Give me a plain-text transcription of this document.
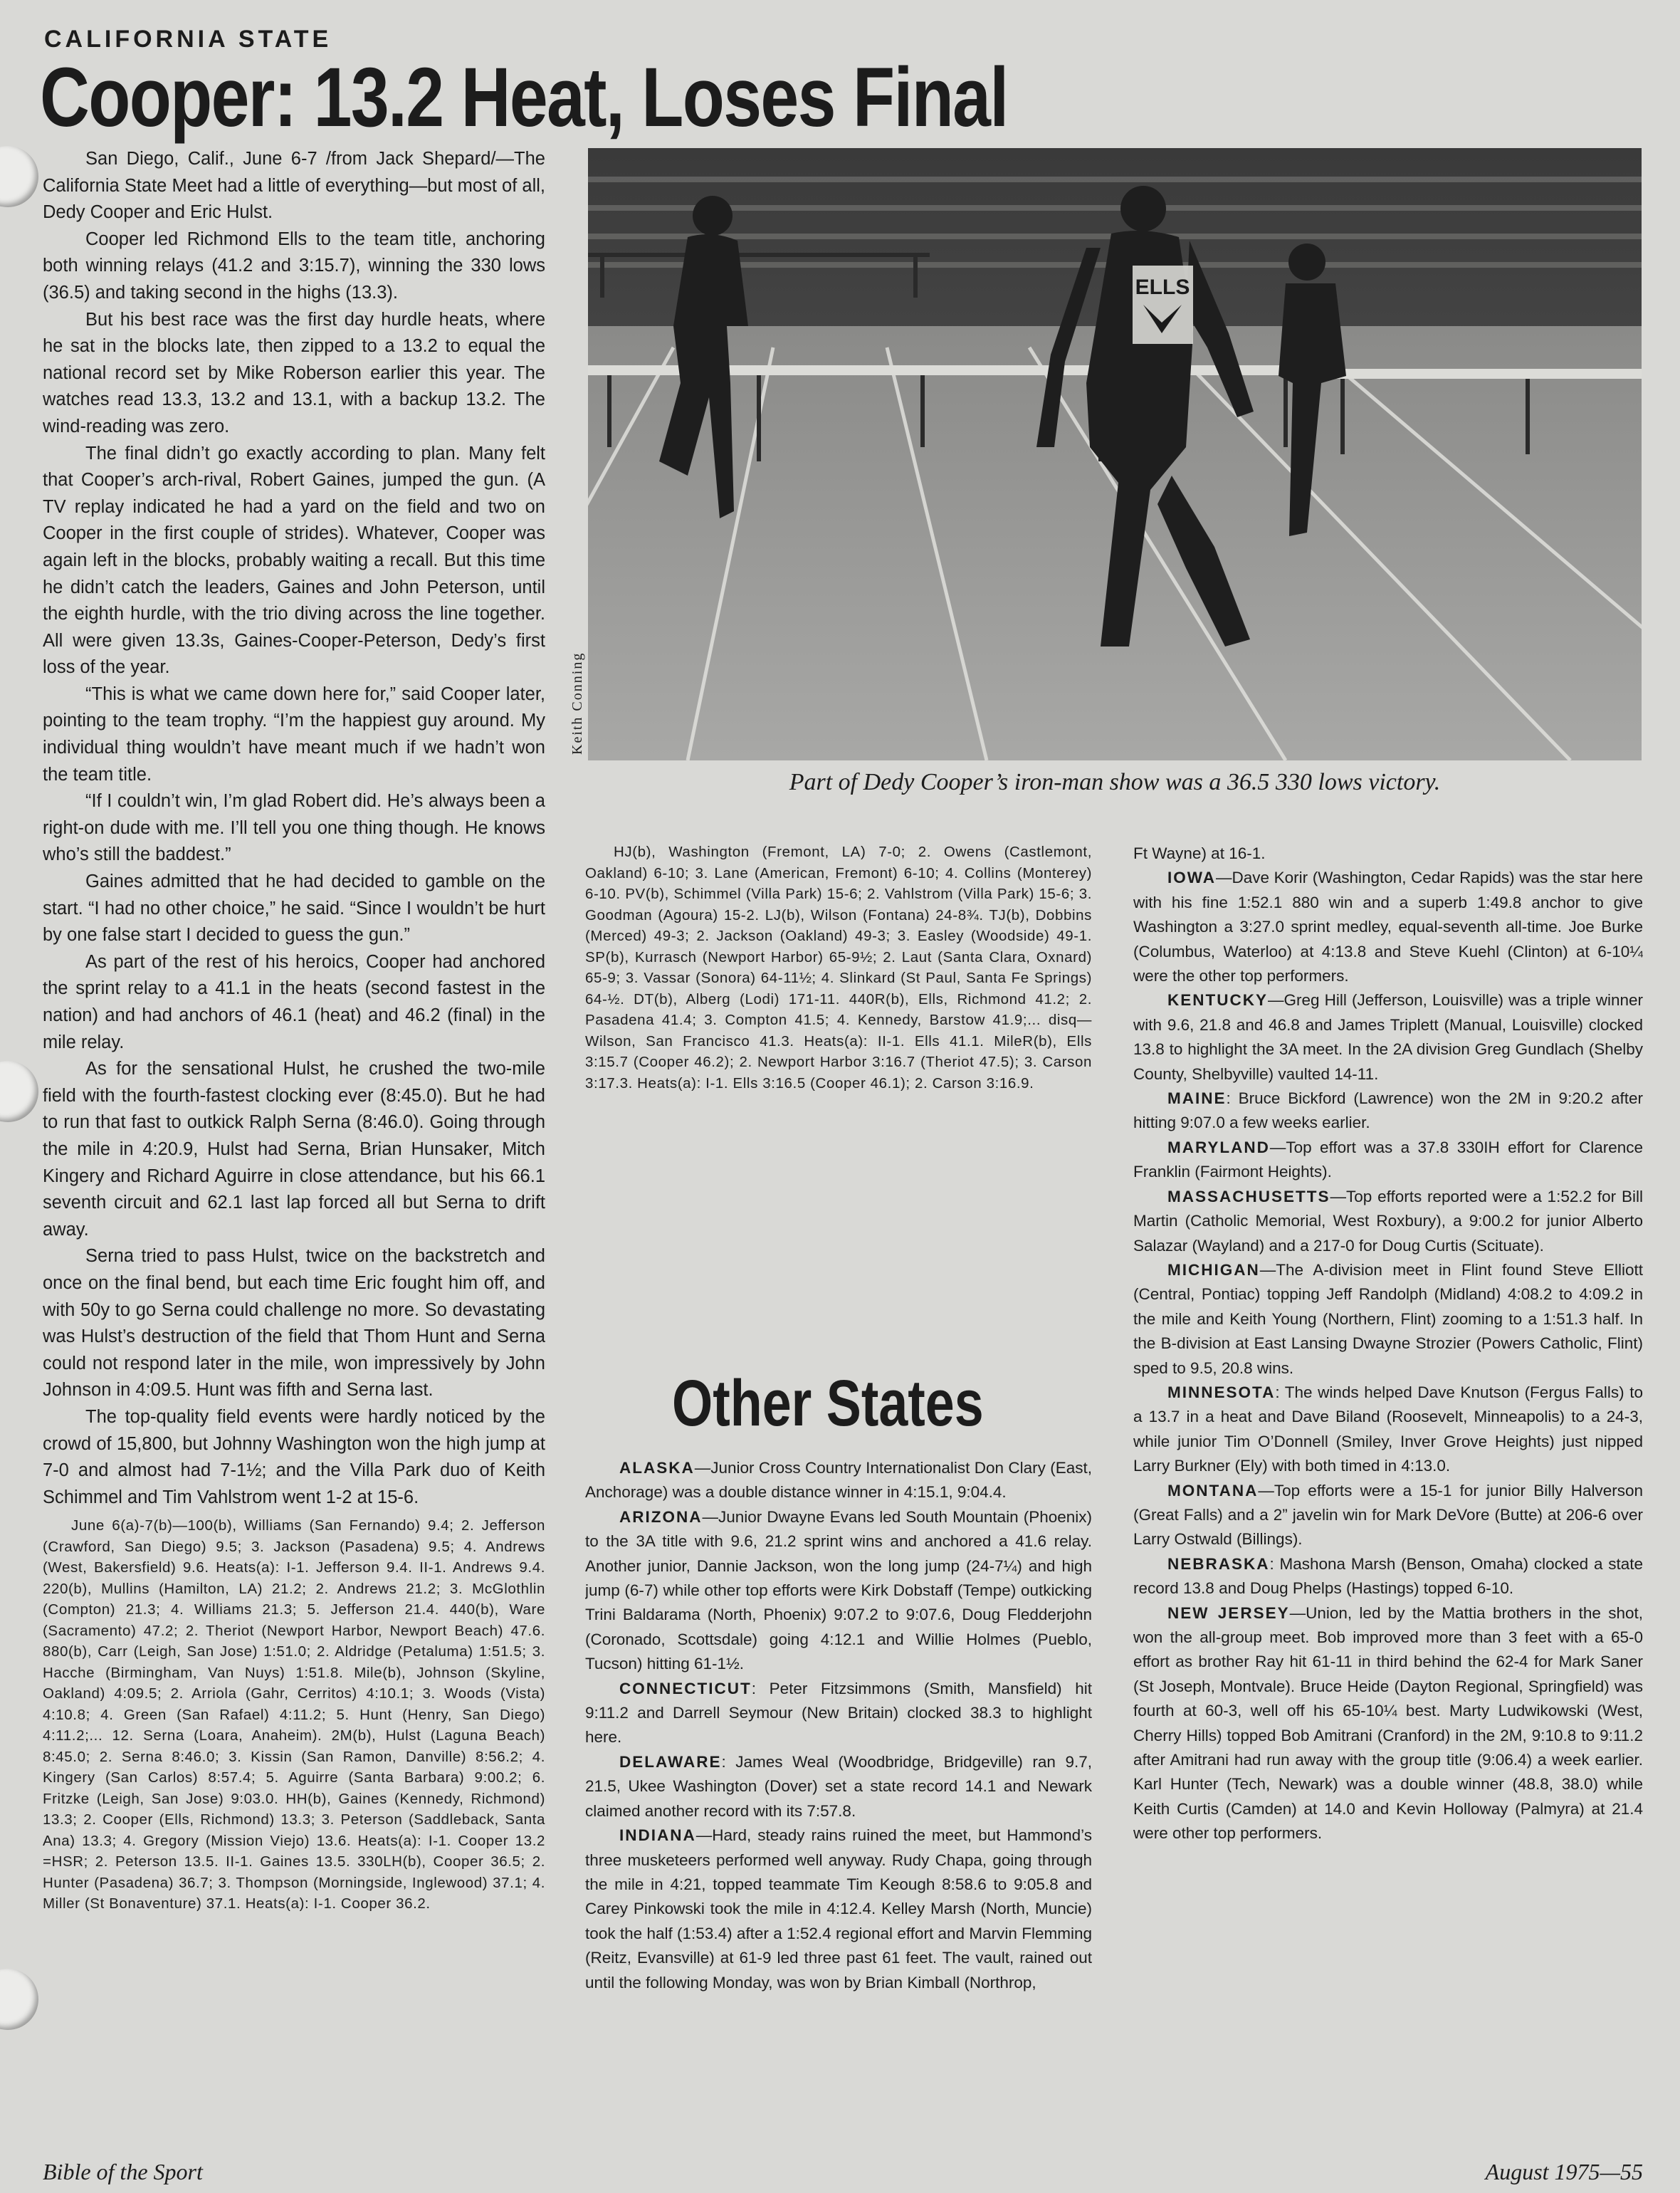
CALIFORNIA STATE
Cooper: 13.2 Heat, Loses Final

San Diego, Calif., June 6-7 /from Jack Shepard/—The California State Meet had a little of everything—but most of all, Dedy Cooper and Eric Hulst.

Cooper led Richmond Ells to the team title, anchoring both winning relays (41.2 and 3:15.7), winning the 330 lows (36.5) and taking second in the highs (13.3).

But his best race was the first day hurdle heats, where he sat in the blocks late, then zipped to a 13.2 to equal the national record set by Mike Roberson earlier this year. The watches read 13.3, 13.2 and 13.1, with a backup 13.2. The wind-reading was zero.

The final didn’t go exactly according to plan. Many felt that Cooper’s arch-rival, Robert Gaines, jumped the gun. (A TV replay indicated he had a yard on the field and two on Cooper in the first couple of strides). Whatever, Cooper was again left in the blocks, probably waiting a recall. But this time he didn’t catch the leaders, Gaines and John Peterson, until the eighth hurdle, with the trio diving across the line together. All were given 13.3s, Gaines-Cooper-Peterson, Dedy’s first loss of the year.

“This is what we came down here for,” said Cooper later, pointing to the team trophy. “I’m the happiest guy around. My individual thing wouldn’t have meant much if we hadn’t won the team title.

“If I couldn’t win, I’m glad Robert did. He’s always been a right-on dude with me. I’ll tell you one thing though. He knows who’s still the baddest.”

Gaines admitted that he had decided to gamble on the start. “I had no other choice,” he said. “Since I wouldn’t be hurt by one false start I decided to guess the gun.”

As part of the rest of his heroics, Cooper had anchored the sprint relay to a 41.1 in the heats (second fastest in the nation) and had anchors of 46.1 (heat) and 46.2 (final) in the mile relay.

As for the sensational Hulst, he crushed the two-mile field with the fourth-fastest clocking ever (8:45.0). But he had to run that fast to outkick Ralph Serna (8:46.0). Going through the mile in 4:20.9, Hulst had Serna, Brian Hunsaker, Mitch Kingery and Richard Aguirre in close attendance, but his 66.1 seventh circuit and 62.1 last lap forced all but Serna to drift away.

Serna tried to pass Hulst, twice on the backstretch and once on the final bend, but each time Eric fought him off, and with 50y to go Serna could challenge no more. So devastating was Hulst’s destruction of the field that Thom Hunt and Serna could not respond later in the mile, won impressively by John Johnson in 4:09.5. Hunt was fifth and Serna last.

The top-quality field events were hardly noticed by the crowd of 15,800, but Johnny Washington won the high jump at 7-0 and almost had 7-1½; and the Villa Park duo of Keith Schimmel and Tim Vahlstrom went 1-2 at 15-6.

June 6(a)-7(b)—100(b), Williams (San Fernando) 9.4; 2. Jefferson (Crawford, San Diego) 9.5; 3. Jackson (Pasadena) 9.5; 4. Andrews (West, Bakersfield) 9.6. Heats(a): I-1. Jefferson 9.4. II-1. Andrews 9.4. 220(b), Mullins (Hamilton, LA) 21.2; 2. Andrews 21.2; 3. McGlothlin (Compton) 21.3; 4. Williams 21.3; 5. Jefferson 21.4. 440(b), Ware (Sacramento) 47.2; 2. Theriot (Newport Harbor, Newport Beach) 47.6. 880(b), Carr (Leigh, San Jose) 1:51.0; 2. Aldridge (Petaluma) 1:51.5; 3. Hacche (Birmingham, Van Nuys) 1:51.8. Mile(b), Johnson (Skyline, Oakland) 4:09.5; 2. Arriola (Gahr, Cerritos) 4:10.1; 3. Woods (Vista) 4:10.8; 4. Green (San Rafael) 4:11.2; 5. Hunt (Henry, San Diego) 4:11.2;... 12. Serna (Loara, Anaheim). 2M(b), Hulst (Laguna Beach) 8:45.0; 2. Serna 8:46.0; 3. Kissin (San Ramon, Danville) 8:56.2; 4. Kingery (San Carlos) 8:57.4; 5. Aguirre (Santa Barbara) 9:00.2; 6. Fritzke (Leigh, San Jose) 9:03.0. HH(b), Gaines (Kennedy, Richmond) 13.3; 2. Cooper (Ells, Richmond) 13.3; 3. Peterson (Saddleback, Santa Ana) 13.3; 4. Gregory (Mission Viejo) 13.6. Heats(a): I-1. Cooper 13.2 =HSR; 2. Peterson 13.5. II-1. Gaines 13.5. 330LH(b), Cooper 36.5; 2. Hunter (Pasadena) 36.7; 3. Thompson (Morningside, Inglewood) 37.1; 4. Miller (St Bonaventure) 37.1. Heats(a): I-1. Cooper 36.2.

ELLS
Keith Conning
Part of Dedy Cooper’s iron-man show was a 36.5 330 lows victory.

HJ(b), Washington (Fremont, LA) 7-0; 2. Owens (Castlemont, Oakland) 6-10; 3. Lane (American, Fremont) 6-10; 4. Collins (Monterey) 6-10. PV(b), Schimmel (Villa Park) 15-6; 2. Vahlstrom (Villa Park) 15-6; 3. Goodman (Agoura) 15-2. LJ(b), Wilson (Fontana) 24-8¾. TJ(b), Dobbins (Merced) 49-3; 2. Jackson (Oakland) 49-3; 3. Easley (Woodside) 49-1. SP(b), Kurrasch (Newport Harbor) 65-9½; 2. Laut (Santa Clara, Oxnard) 65-9; 3. Vassar (Sonora) 64-11½; 4. Slinkard (St Paul, Santa Fe Springs) 64-½. DT(b), Alberg (Lodi) 171-11. 440R(b), Ells, Richmond 41.2; 2. Pasadena 41.4; 3. Compton 41.5; 4. Kennedy, Barstow 41.9;... disq—Wilson, San Francisco 41.3. Heats(a): II-1. Ells 41.1. MileR(b), Ells 3:15.7 (Cooper 46.2); 2. Newport Harbor 3:16.7 (Theriot 47.5); 3. Carson 3:17.3. Heats(a): I-1. Ells 3:16.5 (Cooper 46.1); 2. Carson 3:16.9.

Other States

ALASKA—Junior Cross Country Internationalist Don Clary (East, Anchorage) was a double distance winner in 4:15.1, 9:04.4.

ARIZONA—Junior Dwayne Evans led South Mountain (Phoenix) to the 3A title with 9.6, 21.2 sprint wins and anchored a 41.6 relay. Another junior, Dannie Jackson, won the long jump (24-7¼) and high jump (6-7) while other top efforts were Kirk Dobstaff (Tempe) outkicking Trini Baldarama (North, Phoenix) 9:07.2 to 9:07.6, Doug Fledderjohn (Coronado, Scottsdale) going 4:12.1 and Willie Holmes (Pueblo, Tucson) hitting 61-1½.

CONNECTICUT: Peter Fitzsimmons (Smith, Mansfield) hit 9:11.2 and Darrell Seymour (New Britain) clocked 38.3 to highlight here.

DELAWARE: James Weal (Woodbridge, Bridgeville) ran 9.7, 21.5, Ukee Washington (Dover) set a state record 14.1 and Newark claimed another record with its 7:57.8.

INDIANA—Hard, steady rains ruined the meet, but Hammond’s three musketeers performed well anyway. Rudy Chapa, going through the mile in 4:21, topped teammate Tim Keough 8:58.6 to 9:05.8 and Carey Pinkowski took the mile in 4:12.4. Kelley Marsh (North, Muncie) took the half (1:53.4) after a 1:52.4 regional effort and Marvin Flemming (Reitz, Evansville) at 61-9 led three past 61 feet. The vault, rained out until the following Monday, was won by Brian Kimball (Northrop,

Ft Wayne) at 16-1.

IOWA—Dave Korir (Washington, Cedar Rapids) was the star here with his fine 1:52.1 880 win and a superb 1:49.8 anchor to give Washington a 3:27.0 sprint medley, equal-seventh all-time. Joe Burke (Columbus, Waterloo) at 4:13.8 and Steve Kuehl (Clinton) at 6-10¼ were the other top performers.

KENTUCKY—Greg Hill (Jefferson, Louisville) was a triple winner with 9.6, 21.8 and 46.8 and James Triplett (Manual, Louisville) clocked 13.8 to highlight the 3A meet. In the 2A division Greg Gundlach (Shelby County, Shelbyville) vaulted 14-11.

MAINE: Bruce Bickford (Lawrence) won the 2M in 9:20.2 after hitting 9:07.0 a few weeks earlier.

MARYLAND—Top effort was a 37.8 330IH effort for Clarence Franklin (Fairmont Heights).

MASSACHUSETTS—Top efforts reported were a 1:52.2 for Bill Martin (Catholic Memorial, West Roxbury), a 9:00.2 for junior Alberto Salazar (Wayland) and a 217-0 for Doug Curtis (Scituate).

MICHIGAN—The A-division meet in Flint found Steve Elliott (Central, Pontiac) topping Jeff Randolph (Midland) 4:08.2 to 4:09.2 in the mile and Keith Young (Northern, Flint) zooming to a 1:51.3 half. In the B-division at East Lansing Dwayne Strozier (Powers Catholic, Flint) sped to 9.5, 20.8 wins.

MINNESOTA: The winds helped Dave Knutson (Fergus Falls) to a 13.7 in a heat and Dave Biland (Roosevelt, Minneapolis) to a 24-3, while junior Tim O’Donnell (Smiley, Inver Grove Heights) just nipped Larry Burkner (Ely) with both timed in 4:13.0.

MONTANA—Top efforts were a 15-1 for junior Billy Halverson (Great Falls) and a 2” javelin win for Mark DeVore (Butte) at 206-6 over Larry Ostwald (Billings).

NEBRASKA: Mashona Marsh (Benson, Omaha) clocked a state record 13.8 and Doug Phelps (Hastings) topped 6-10.

NEW JERSEY—Union, led by the Mattia brothers in the shot, won the all-group meet. Bob improved more than 3 feet with a 65-0 effort as brother Ray hit 61-11 in third behind the 62-4 for Mark Saner (St Joseph, Montvale). Bruce Heide (Dayton Regional, Springfield) was fourth at 60-3, well off his 65-10¼ best. Marty Ludwikowski (West, Cherry Hills) topped Bob Amitrani (Cranford) in the 2M, 9:10.8 to 9:11.2 after Amitrani had run away with the group title (9:06.4) a week earlier. Karl Hunter (Tech, Newark) was a double winner (48.8, 38.0) while Keith Curtis (Camden) at 14.0 and Kevin Holloway (Palmyra) at 21.4 were other top performers.

Bible of the Sport	August 1975—55
